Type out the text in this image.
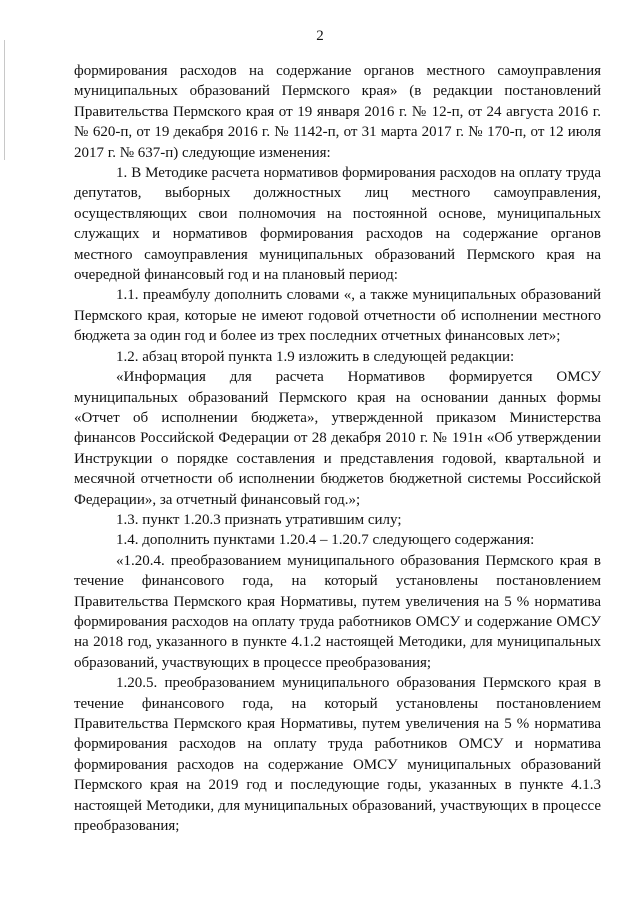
2

формирования расходов на содержание органов местного самоуправления муниципальных образований Пермского края» (в редакции постановлений Правительства Пермского края от 19 января 2016 г. № 12-п, от 24 августа 2016 г. № 620-п, от 19 декабря 2016 г. № 1142-п, от 31 марта 2017 г. № 170-п, от 12 июля 2017 г. № 637-п) следующие изменения:

1. В Методике расчета нормативов формирования расходов на оплату труда депутатов, выборных должностных лиц местного самоуправления, осуществляющих свои полномочия на постоянной основе, муниципальных служащих и нормативов формирования расходов на содержание органов местного самоуправления муниципальных образований Пермского края на очередной финансовый год и на плановый период:

1.1. преамбулу дополнить словами «, а также муниципальных образований Пермского края, которые не имеют годовой отчетности об исполнении местного бюджета за один год и более из трех последних отчетных финансовых лет»;

1.2. абзац второй пункта 1.9 изложить в следующей редакции:

«Информация для расчета Нормативов формируется ОМСУ муниципальных образований Пермского края на основании данных формы «Отчет об исполнении бюджета», утвержденной приказом Министерства финансов Российской Федерации от 28 декабря 2010 г. № 191н «Об утверждении Инструкции о порядке составления и представления годовой, квартальной и месячной отчетности об исполнении бюджетов бюджетной системы Российской Федерации», за отчетный финансовый год.»;

1.3. пункт 1.20.3 признать утратившим силу;

1.4. дополнить пунктами 1.20.4 – 1.20.7 следующего содержания:

«1.20.4. преобразованием муниципального образования Пермского края в течение финансового года, на который установлены постановлением Правительства Пермского края Нормативы, путем увеличения на 5 % норматива формирования расходов на оплату труда работников ОМСУ и содержание ОМСУ на 2018 год, указанного в пункте 4.1.2 настоящей Методики, для муниципальных образований, участвующих в процессе преобразования;

1.20.5. преобразованием муниципального образования Пермского края в течение финансового года, на который установлены постановлением Правительства Пермского края Нормативы, путем увеличения на 5 % норматива формирования расходов на оплату труда работников ОМСУ и норматива формирования расходов на содержание ОМСУ муниципальных образований Пермского края на 2019 год и последующие годы, указанных в пункте 4.1.3 настоящей Методики, для муниципальных образований, участвующих в процессе преобразования;
